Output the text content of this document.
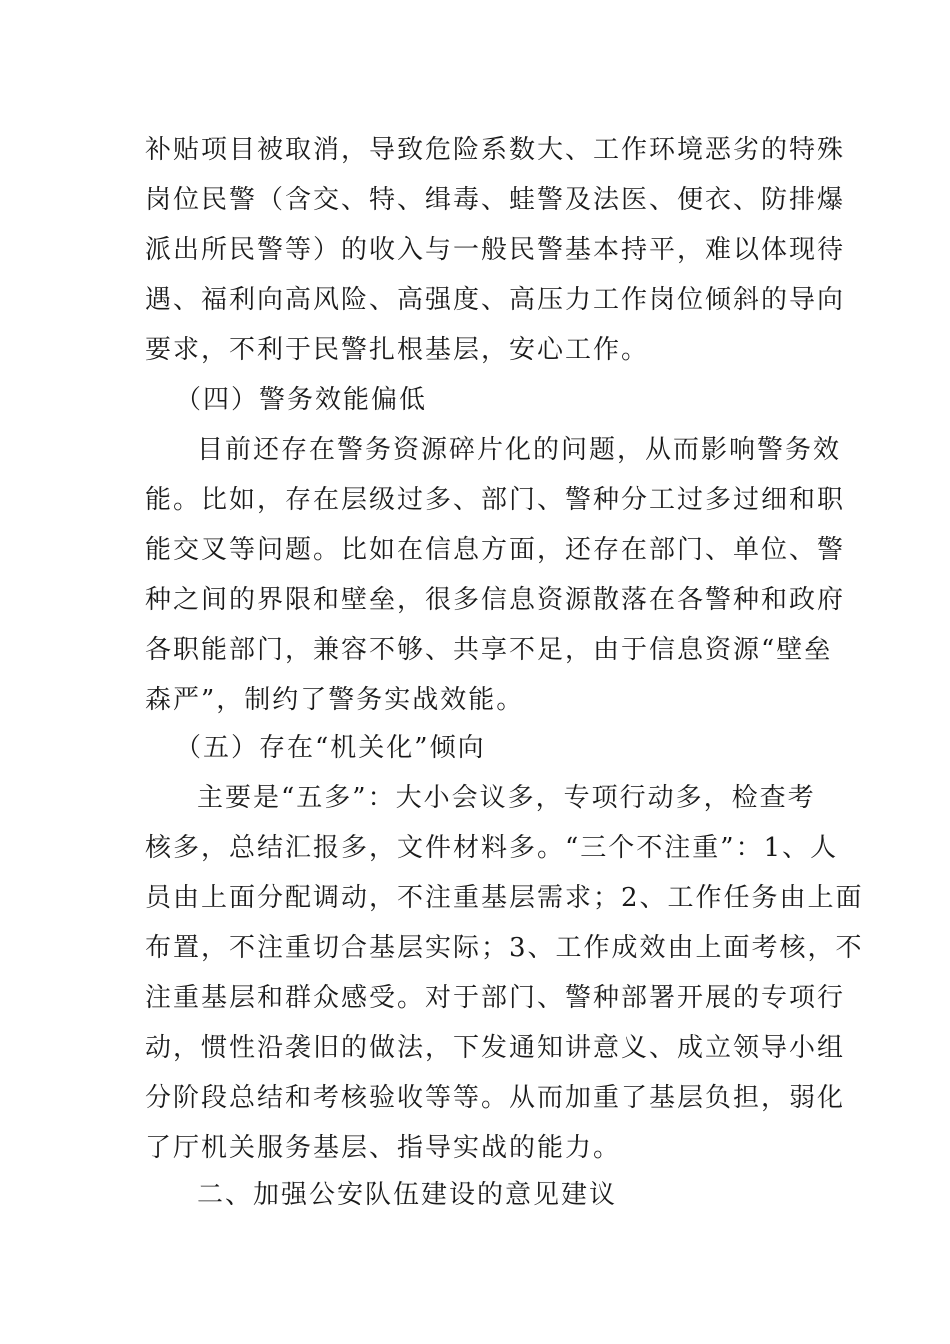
补贴项目被取消，导致危险系数大、工作环境恶劣的特殊
岗位民警（含交、特、缉毒、蛙警及法医、便衣、防排爆
派出所民警等）的收入与一般民警基本持平，难以体现待
遇、福利向高风险、高强度、高压力工作岗位倾斜的导向
要求，不利于民警扎根基层，安心工作。
（四）警务效能偏低
目前还存在警务资源碎片化的问题，从而影响警务效
能。比如，存在层级过多、部门、警种分工过多过细和职
能交叉等问题。比如在信息方面，还存在部门、单位、警
种之间的界限和壁垒，很多信息资源散落在各警种和政府
各职能部门，兼容不够、共享不足，由于信息资源“壁垒
森严”，制约了警务实战效能。
（五）存在“机关化”倾向
主要是“五多”：大小会议多，专项行动多，检查考
核多，总结汇报多，文件材料多。“三个不注重”：1、人
员由上面分配调动，不注重基层需求；2、工作任务由上面
布置，不注重切合基层实际；3、工作成效由上面考核，不
注重基层和群众感受。对于部门、警种部署开展的专项行
动，惯性沿袭旧的做法，下发通知讲意义、成立领导小组
分阶段总结和考核验收等等。从而加重了基层负担，弱化
了厅机关服务基层、指导实战的能力。
二、加强公安队伍建设的意见建议
